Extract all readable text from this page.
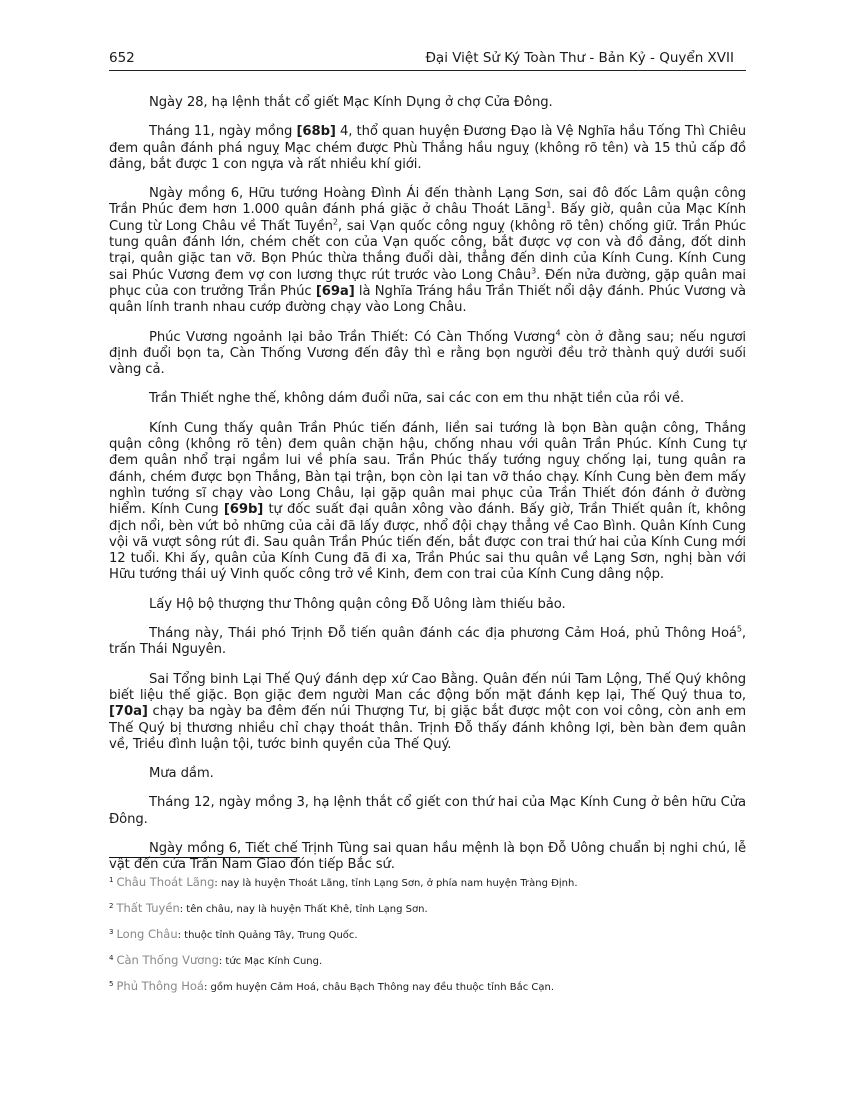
652	Đại Việt Sử Ký Toàn Thư - Bản Kỷ - Quyển XVII

Ngày 28, hạ lệnh thắt cổ giết Mạc Kính Dụng ở chợ Cửa Đông.

Tháng 11, ngày mồng [68b] 4, thổ quan huyện Đương Đạo là Vệ Nghĩa hầu Tống Thì Chiêu đem quân đánh phá nguỵ Mạc chém được Phù Thắng hầu nguỵ (không rõ tên) và 15 thủ cấp đồ đảng, bắt được 1 con ngựa và rất nhiều khí giới.

Ngày mồng 6, Hữu tướng Hoàng Đình Ái đến thành Lạng Sơn, sai đô đốc Lâm quận công Trần Phúc đem hơn 1.000 quân đánh phá giặc ở châu Thoát Lãng$^1$. Bấy giờ, quân của Mạc Kính Cung từ Long Châu về Thất Tuyền$^2$, sai Vạn quốc công nguỵ (không rõ tên) chống giữ. Trần Phúc tung quân đánh lớn, chém chết con của Vạn quốc công, bắt được vợ con và đồ đảng, đốt dinh trại, quân giặc tan vỡ. Bọn Phúc thừa thắng đuổi dài, thẳng đến dinh của Kính Cung. Kính Cung sai Phúc Vương đem vợ con lương thực rút trước vào Long Châu$^3$. Đến nửa đường, gặp quân mai phục của con trưởng Trần Phúc [69a] là Nghĩa Tráng hầu Trần Thiết nổi dậy đánh. Phúc Vương và quân lính tranh nhau cướp đường chạy vào Long Châu.

Phúc Vương ngoảnh lại bảo Trần Thiết: Có Càn Thống Vương$^4$ còn ở đằng sau; nếu ngươi định đuổi bọn ta, Càn Thống Vương đến đây thì e rằng bọn người đều trở thành quỷ dưới suối vàng cả.

Trần Thiết nghe thế, không dám đuổi nữa, sai các con em thu nhặt tiền của rồi về.

Kính Cung thấy quân Trần Phúc tiến đánh, liền sai tướng là bọn Bàn quận công, Thắng quận công (không rõ tên) đem quân chặn hậu, chống nhau với quân Trần Phúc. Kính Cung tự đem quân nhổ trại ngầm lui về phía sau. Trần Phúc thấy tướng nguỵ chống lại, tung quân ra đánh, chém được bọn Thắng, Bàn tại trận, bọn còn lại tan vỡ tháo chạy. Kính Cung bèn đem mấy nghìn tướng sĩ chạy vào Long Châu, lại gặp quân mai phục của Trần Thiết đón đánh ở đường hiểm. Kính Cung [69b] tự đốc suất đại quân xông vào đánh. Bấy giờ, Trần Thiết quân ít, không địch nổi, bèn vứt bỏ những của cải đã lấy được, nhổ đội chạy thẳng về Cao Bình. Quân Kính Cung vội vã vượt sông rút đi. Sau quân Trần Phúc tiến đến, bắt được con trai thứ hai của Kính Cung mới 12 tuổi. Khi ấy, quân của Kính Cung đã đi xa, Trần Phúc sai thu quân về Lạng Sơn, nghị bàn với Hữu tướng thái uý Vinh quốc công trở về Kinh, đem con trai của Kính Cung dâng nộp.

Lấy Hộ bộ thượng thư Thông quận công Đỗ Uông làm thiếu bảo.

Tháng này, Thái phó Trịnh Đỗ tiến quân đánh các địa phương Cảm Hoá, phủ Thông Hoá$^5$, trấn Thái Nguyên.

Sai Tổng binh Lại Thế Quý đánh dẹp xứ Cao Bằng. Quân đến núi Tam Lộng, Thế Quý không biết liệu thế giặc. Bọn giặc đem người Man các động bốn mặt đánh kẹp lại, Thế Quý thua to, [70a] chạy ba ngày ba đêm đến núi Thượng Tư, bị giặc bắt được một con voi công, còn anh em Thế Quý bị thương nhiều chỉ chạy thoát thân. Trịnh Đỗ thấy đánh không lợi, bèn bàn đem quân về, Triều đình luận tội, tước binh quyền của Thế Quý.

Mưa dầm.

Tháng 12, ngày mồng 3, hạ lệnh thắt cổ giết con thứ hai của Mạc Kính Cung ở bên hữu Cửa Đông.

Ngày mồng 6, Tiết chế Trịnh Tùng sai quan hầu mệnh là bọn Đỗ Uông chuẩn bị nghi chú, lễ vật đến cửa Trấn Nam Giao đón tiếp Bắc sứ.

$^1$ Châu Thoát Lãng: nay là huyện Thoát Lãng, tỉnh Lạng Sơn, ở phía nam huyện Tràng Định.
$^2$ Thất Tuyền: tên châu, nay là huyện Thất Khê, tỉnh Lạng Sơn.
$^3$ Long Châu: thuộc tỉnh Quảng Tây, Trung Quốc.
$^4$ Càn Thống Vương: tức Mạc Kính Cung.
$^5$ Phủ Thông Hoá: gồm huyện Cảm Hoá, châu Bạch Thông nay đều thuộc tỉnh Bắc Cạn.
